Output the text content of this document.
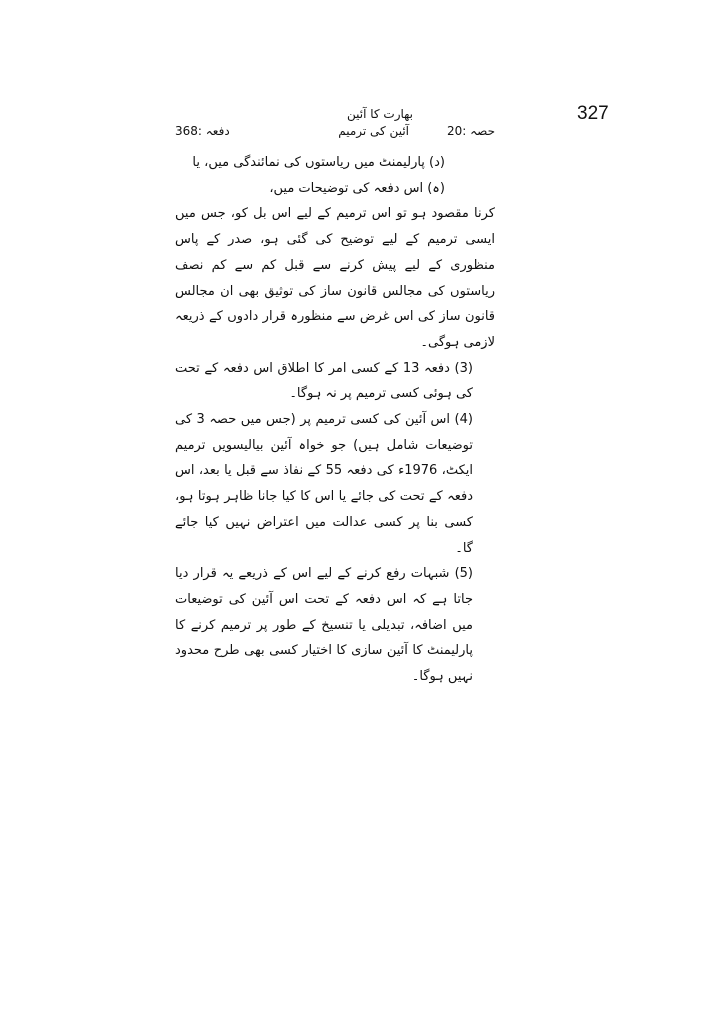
327
بھارت کا آئین
حصہ :20
آئین کی ترمیم
دفعہ :368

(د) پارلیمنٹ میں ریاستوں کی نمائندگی میں، یا

(ہ) اس دفعہ کی توضیحات میں،

کرنا مقصود ہو تو اس ترمیم کے لیے اس بل کو، جس میں ایسی ترمیم کے لیے توضیح کی گئی ہو، صدر کے پاس منظوری کے لیے پیش کرنے سے قبل کم سے کم نصف ریاستوں کی مجالس قانون ساز کی توثیق بھی ان مجالس قانون ساز کی اس غرض سے منظورہ قرار دادوں کے ذریعہ لازمی ہوگی۔

(3) دفعہ 13 کے کسی امر کا اطلاق اس دفعہ کے تحت کی ہوئی کسی ترمیم پر نہ ہوگا۔

(4) اس آئین کی کسی ترمیم پر (جس میں حصہ 3 کی توضیعات شامل ہیں) جو خواہ آئین بیالیسویں ترمیم ایکٹ، 1976ء کی دفعہ 55 کے نفاذ سے قبل یا بعد، اس دفعہ کے تحت کی جائے یا اس کا کیا جانا ظاہر ہوتا ہو، کسی بنا پر کسی عدالت میں اعتراض نہیں کیا جائے گا۔

(5) شبہات رفع کرنے کے لیے اس کے ذریعے یہ قرار دیا جاتا ہے کہ اس دفعہ کے تحت اس آئین کی توضیعات میں اضافہ، تبدیلی یا تنسیخ کے طور پر ترمیم کرنے کا پارلیمنٹ کا آئین سازی کا اختیار کسی بھی طرح محدود نہیں ہوگا۔
